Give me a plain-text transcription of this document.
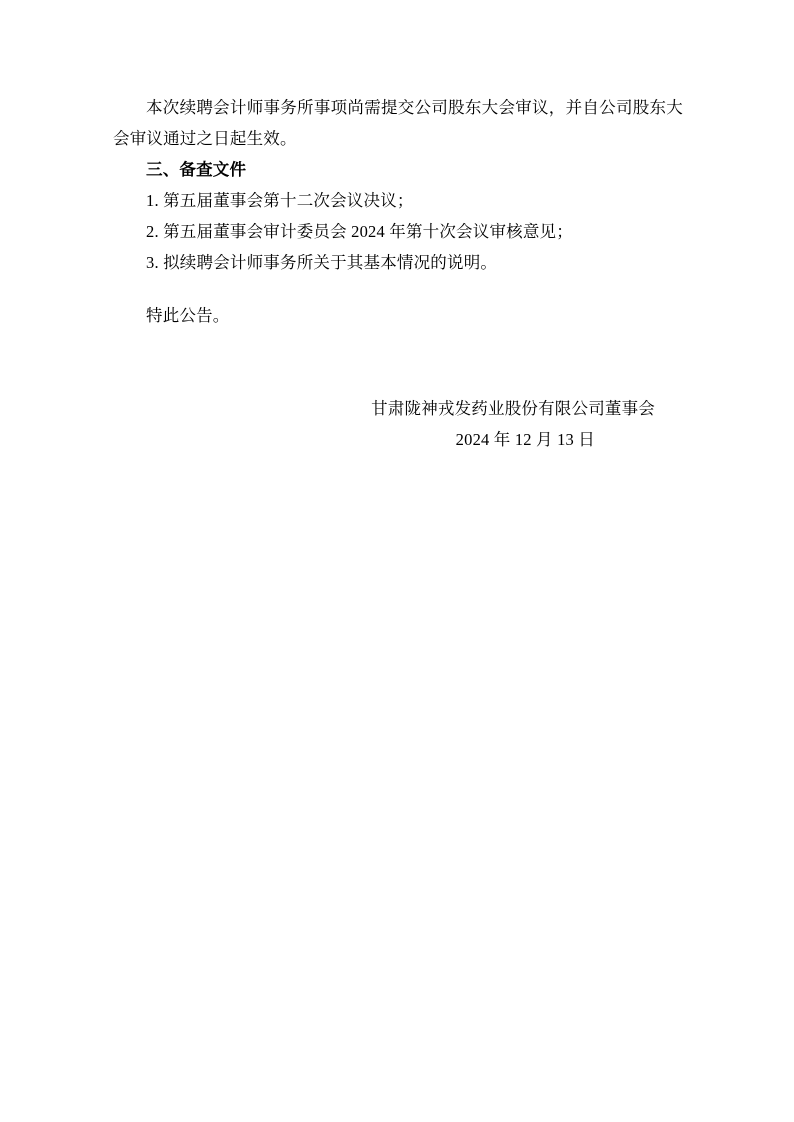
本次续聘会计师事务所事项尚需提交公司股东大会审议，并自公司股东大会审议通过之日起生效。

三、备查文件

1. 第五届董事会第十二次会议决议；

2. 第五届董事会审计委员会 2024 年第十次会议审核意见；

3. 拟续聘会计师事务所关于其基本情况的说明。

特此公告。

甘肃陇神戎发药业股份有限公司董事会
2024 年 12 月 13 日
